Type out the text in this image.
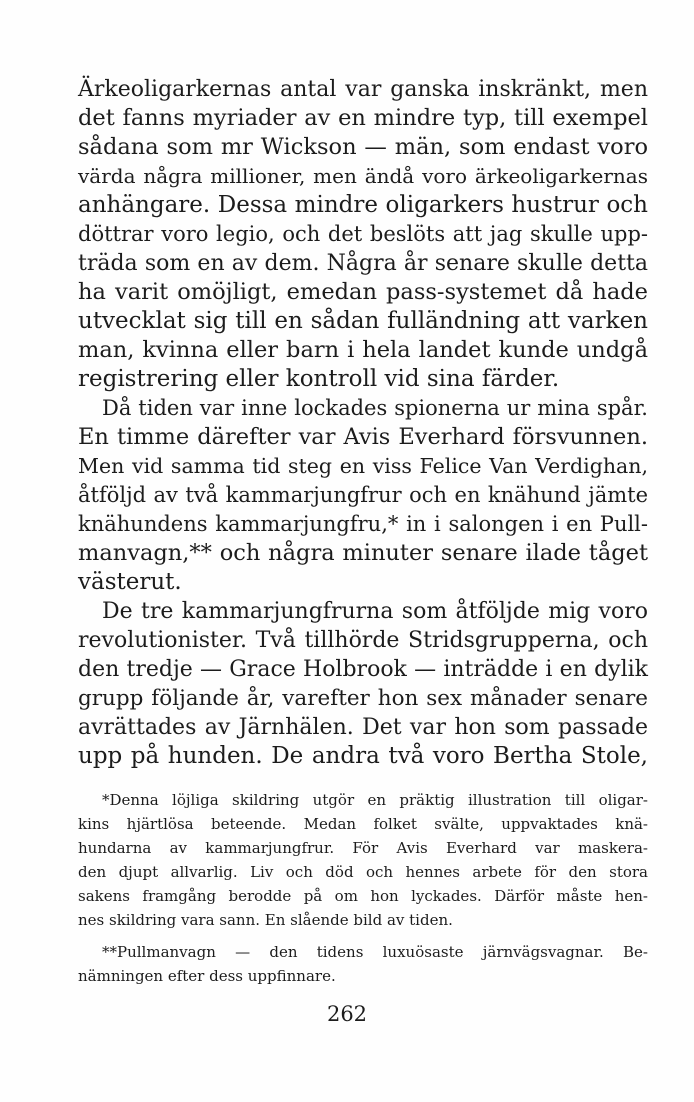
Ärkeoligarkernas antal var ganska inskränkt, men
det fanns myriader av en mindre typ, till exempel
sådana som mr Wickson — män, som endast voro
värda några millioner, men ändå voro ärkeoligarkernas
anhängare. Dessa mindre oligarkers hustrur och
döttrar voro legio, och det beslöts att jag skulle upp-
träda som en av dem. Några år senare skulle detta
ha varit omöjligt, emedan pass-systemet då hade
utvecklat sig till en sådan fulländning att varken
man, kvinna eller barn i hela landet kunde undgå
registrering eller kontroll vid sina färder.
Då tiden var inne lockades spionerna ur mina spår.
En timme därefter var Avis Everhard försvunnen.
Men vid samma tid steg en viss Felice Van Verdighan,
åtföljd av två kammarjungfrur och en knähund jämte
knähundens kammarjungfru,* in i salongen i en Pull-
manvagn,** och några minuter senare ilade tåget
västerut.
De tre kammarjungfrurna som åtföljde mig voro
revolutionister. Två tillhörde Stridsgrupperna, och
den tredje — Grace Holbrook — inträdde i en dylik
grupp följande år, varefter hon sex månader senare
avrättades av Järnhälen. Det var hon som passade
upp på hunden. De andra två voro Bertha Stole,
*Denna löjliga skildring utgör en präktig illustration till oligar-
kins hjärtlösa beteende. Medan folket svälte, uppvaktades knä-
hundarna av kammarjungfrur. För Avis Everhard var maskera-
den djupt allvarlig. Liv och död och hennes arbete för den stora
sakens framgång berodde på om hon lyckades. Därför måste hen-
nes skildring vara sann. En slående bild av tiden.
**Pullmanvagn — den tidens luxuösaste järnvägsvagnar. Be-
nämningen efter dess uppfinnare.
262
